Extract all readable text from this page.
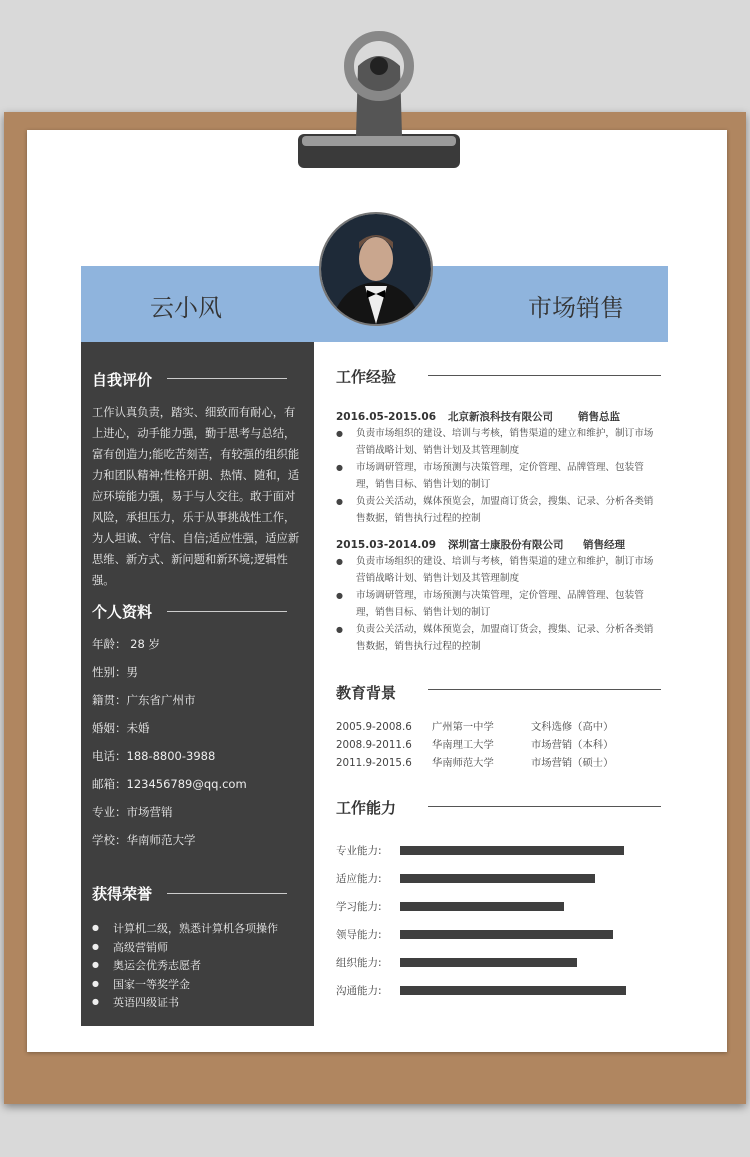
云小风	市场销售
自我评价
工作认真负责，踏实、细致而有耐心，有上进心，动手能力强，勤于思考与总结，富有创造力;能吃苦刻苦，有较强的组织能力和团队精神;性格开朗、热情、随和，适应环境能力强，易于与人交往。敢于面对风险，承担压力，乐于从事挑战性工作，为人坦诚、守信、自信;适应性强，适应新思维、新方式、新问题和新环境;逻辑性强。
个人资料
年龄： 28 岁
性别：男
籍贯：广东省广州市
婚姻：未婚
电话：188-8800-3988
邮箱：123456789@qq.com
专业：市场营销
学校：华南师范大学
获得荣誉
● 计算机二级，熟悉计算机各项操作
● 高级营销师
● 奥运会优秀志愿者
● 国家一等奖学金
● 英语四级证书
工作经验
2016.05-2015.06 北京新浪科技有限公司 销售总监
● 负责市场组织的建设、培训与考核，销售渠道的建立和维护，制订市场营销战略计划、销售计划及其管理制度
● 市场调研管理，市场预测与决策管理，定价管理、品牌管理、包装管理，销售目标、销售计划的制订
● 负责公关活动，媒体预览会，加盟商订货会，搜集、记录、分析各类销售数据，销售执行过程的控制
2015.03-2014.09 深圳富士康股份有限公司 销售经理
● 负责市场组织的建设、培训与考核，销售渠道的建立和维护，制订市场营销战略计划、销售计划及其管理制度
● 市场调研管理，市场预测与决策管理，定价管理、品牌管理、包装管理，销售目标、销售计划的制订
● 负责公关活动，媒体预览会，加盟商订货会，搜集、记录、分析各类销售数据，销售执行过程的控制
教育背景
2005.9-2008.6 广州第一中学	文科选修（高中）
2008.9-2011.6 华南理工大学	市场营销（本科）
2011.9-2015.6 华南师范大学	市场营销（硕士）
工作能力
专业能力:
适应能力:
学习能力:
领导能力:
组织能力:
沟通能力:
